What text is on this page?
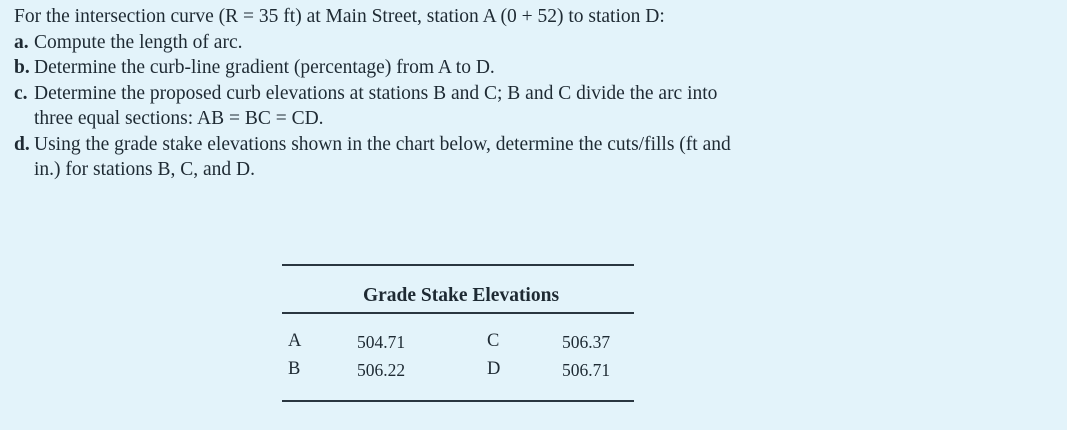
For the intersection curve (R = 35 ft) at Main Street, station A (0 + 52) to station D:
a. Compute the length of arc.
b. Determine the curb-line gradient (percentage) from A to D.
c. Determine the proposed curb elevations at stations B and C; B and C divide the arc into
three equal sections: AB = BC = CD.
d. Using the grade stake elevations shown in the chart below, determine the cuts/fills (ft and
in.) for stations B, C, and D.
Grade Stake Elevations
A	504.71	C	506.37
B	506.22	D	506.71
